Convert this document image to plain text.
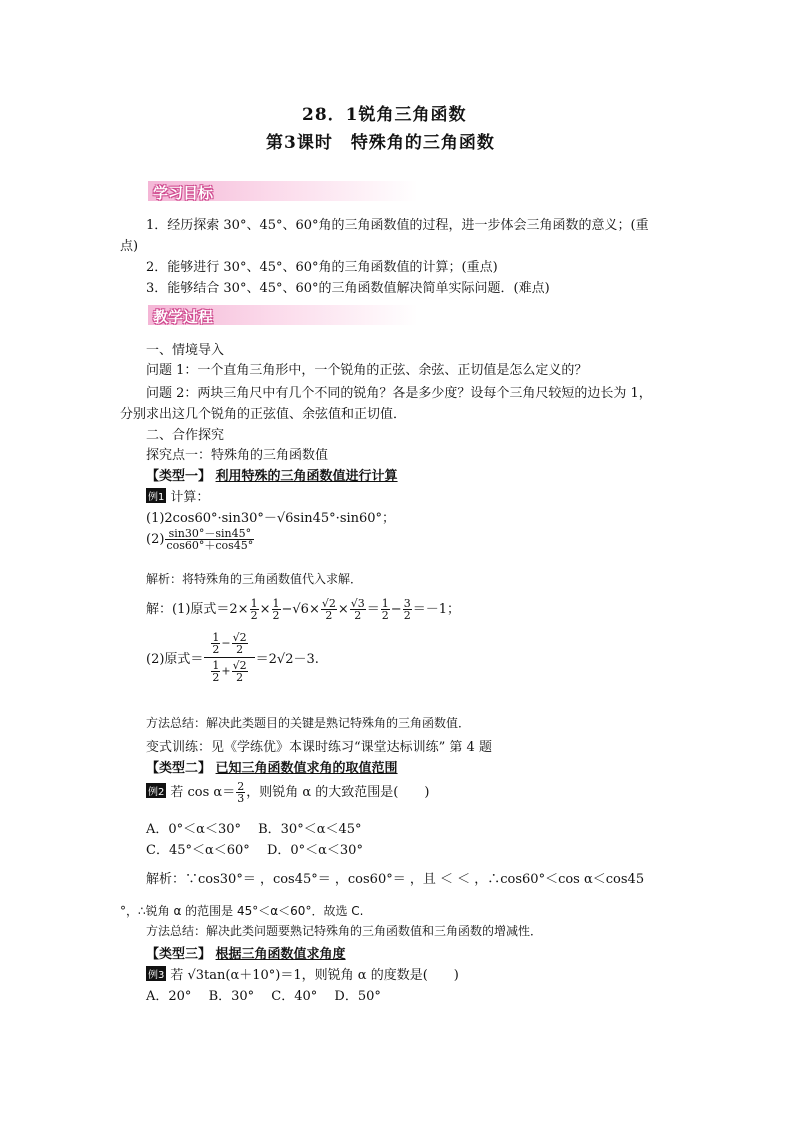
28．1锐角三角函数
第3课时　特殊角的三角函数
学习目标
1．经历探索 30°、45°、60°角的三角函数值的过程，进一步体会三角函数的意义；(重
点)
2．能够进行 30°、45°、60°角的三角函数值的计算；(重点)
3．能够结合 30°、45°、60°的三角函数值解决简单实际问题．(难点)
教学过程
一、情境导入
问题 1：一个直角三角形中，一个锐角的正弦、余弦、正切值是怎么定义的？
问题 2：两块三角尺中有几个不同的锐角？各是多少度？设每个三角尺较短的边长为 1，
分别求出这几个锐角的正弦值、余弦值和正切值．
二、合作探究
探究点一：特殊角的三角函数值
【类型一】 利用特殊的三角函数值进行计算
例1 计算：
(1)2cos60°·sin30°－√6sin45°·sin60°；
$(2) \frac{\sin 30^\circ-\sin 45^\circ}{\cos 60^\circ+\cos 45^\circ}$
解析：将特殊角的三角函数值代入求解．
解：(1)原式$=2\times \frac{1}{2} \times \frac{1}{2} -√6\times \frac{√2}{2} \times \frac{√3}{2} = \frac{1}{2} - \frac{3}{2} =-1$；
(2)原式＝ $\frac{\frac{1}{2} - \frac{√2}{2}}{\frac{1}{2} + \frac{√2}{2}} =2√2-3$.
方法总结：解决此类题目的关键是熟记特殊角的三角函数值．
变式训练：见《学练优》本课时练习“课堂达标训练” 第 4 题
【类型二】 已知三角函数值求角的取值范围
例2 若 $\cos \alpha= \frac{2}{3}$ ，则锐角 α 的大致范围是(　　)
A．0°＜α＜30°　 B．30°＜α＜45°
C．45°＜α＜60°　 D．0°＜α＜30°
解析：∵cos30°＝ ，cos45°＝ ，cos60°＝ ，且 ＜ ＜ ，∴cos60°＜cos α＜cos45
°，∴锐角 α 的范围是 45°＜α＜60°．故选 C.
方法总结：解决此类问题要熟记特殊角的三角函数值和三角函数的增减性．
【类型三】 根据三角函数值求角度
例3 若 √3tan(α＋10°)＝1，则锐角 α 的度数是(　　)
A．20°　 B．30°　 C．40°　 D．50°
